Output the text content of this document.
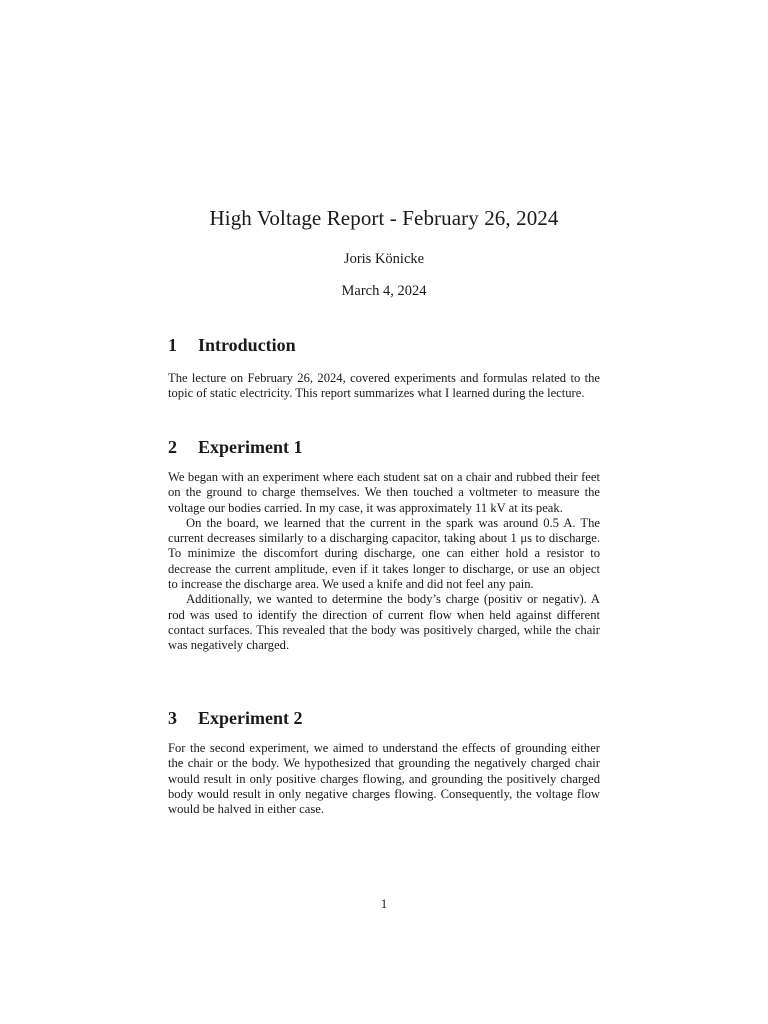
High Voltage Report - February 26, 2024
Joris Könicke
March 4, 2024
1 Introduction

The lecture on February 26, 2024, covered experiments and formulas related to the topic of static electricity. This report summarizes what I learned during the lecture.

2 Experiment 1

We began with an experiment where each student sat on a chair and rubbed their feet on the ground to charge themselves. We then touched a voltmeter to measure the voltage our bodies carried. In my case, it was approximately 11 kV at its peak.

On the board, we learned that the current in the spark was around 0.5 A. The current decreases similarly to a discharging capacitor, taking about 1 μs to discharge. To minimize the discomfort during discharge, one can either hold a resistor to decrease the current amplitude, even if it takes longer to discharge, or use an object to increase the discharge area. We used a knife and did not feel any pain.

Additionally, we wanted to determine the body’s charge (positiv or negativ). A rod was used to identify the direction of current flow when held against different contact surfaces. This revealed that the body was positively charged, while the chair was negatively charged.

3 Experiment 2

For the second experiment, we aimed to understand the effects of grounding either the chair or the body. We hypothesized that grounding the negatively charged chair would result in only positive charges flowing, and grounding the positively charged body would result in only negative charges flowing. Consequently, the voltage flow would be halved in either case.

1
